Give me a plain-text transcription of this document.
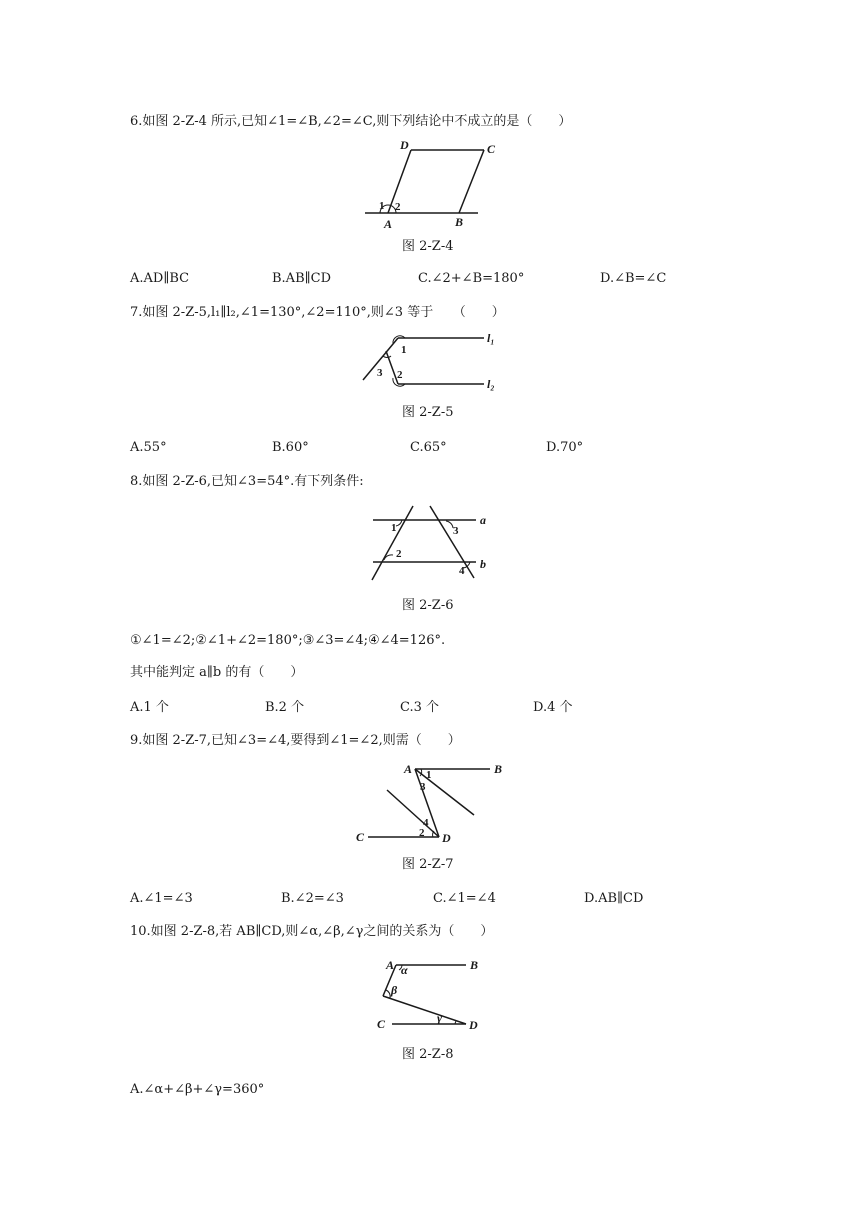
6.如图 2-Z-4 所示,已知∠1=∠B,∠2=∠C,则下列结论中不成立的是（　　）
D	C
A	B
1 2
图 2-Z-4
A.AD∥BC	B.AB∥CD	C.∠2+∠B=180°	D.∠B=∠C
7.如图 2-Z-5,l₁∥l₂,∠1=130°,∠2=110°,则∠3 等于　　（　　）
l₁
l₂
1
2
3
图 2-Z-5
A.55°	B.60°	C.65°	D.70°
8.如图 2-Z-6,已知∠3=54°.有下列条件:
a
b
1
2
3
4
图 2-Z-6
①∠1=∠2;②∠1+∠2=180°;③∠3=∠4;④∠4=126°.
其中能判定 a∥b 的有（　　）
A.1 个	B.2 个	C.3 个	D.4 个
9.如图 2-Z-7,已知∠3=∠4,要得到∠1=∠2,则需（　　）
A	B
C	D
1
2
3
4
图 2-Z-7
A.∠1=∠3	B.∠2=∠3	C.∠1=∠4	D.AB∥CD
10.如图 2-Z-8,若 AB∥CD,则∠α,∠β,∠γ之间的关系为（　　）
A	B
C	D
α
β
γ
图 2-Z-8
A.∠α+∠β+∠γ=360°
